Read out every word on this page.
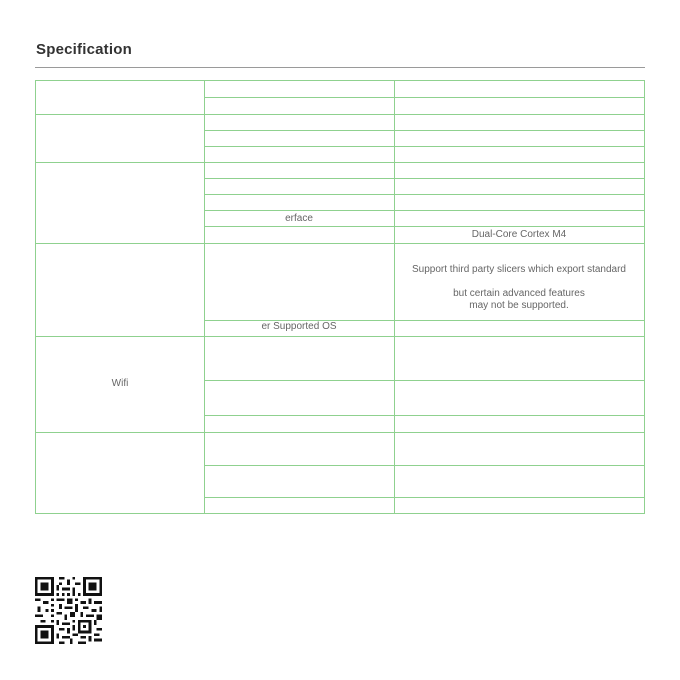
Specification
erface
Dual-Core Cortex M4
Support third party slicers which export standard
but certain advanced features
may not be supported.
er Supported OS
Wifi
